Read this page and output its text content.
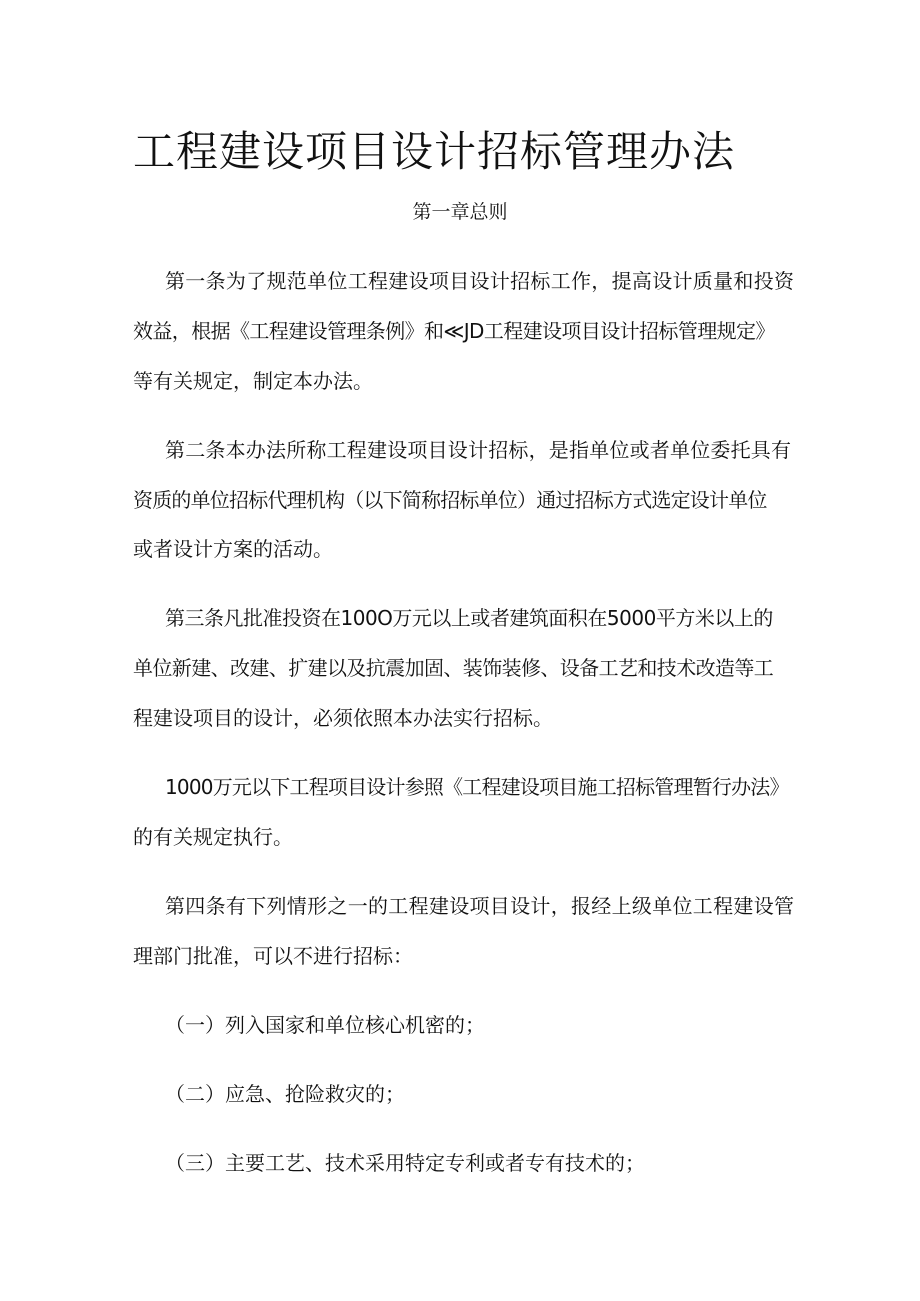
工程建设项目设计招标管理办法
第一章总则
第一条为了规范单位工程建设项目设计招标工作，提高设计质量和投资
效益，根据《工程建设管理条例》和≪JD工程建设项目设计招标管理规定》
等有关规定，制定本办法。
第二条本办法所称工程建设项目设计招标，是指单位或者单位委托具有
资质的单位招标代理机构（以下简称招标单位）通过招标方式选定设计单位
或者设计方案的活动。
第三条凡批准投资在100O万元以上或者建筑面积在5000平方米以上的
单位新建、改建、扩建以及抗震加固、装饰装修、设备工艺和技术改造等工
程建设项目的设计，必须依照本办法实行招标。
1000万元以下工程项目设计参照《工程建设项目施工招标管理暂行办法》
的有关规定执行。
第四条有下列情形之一的工程建设项目设计，报经上级单位工程建设管
理部门批准，可以不进行招标：
（一）列入国家和单位核心机密的；
（二）应急、抢险救灾的；
（三）主要工艺、技术采用特定专利或者专有技术的；
